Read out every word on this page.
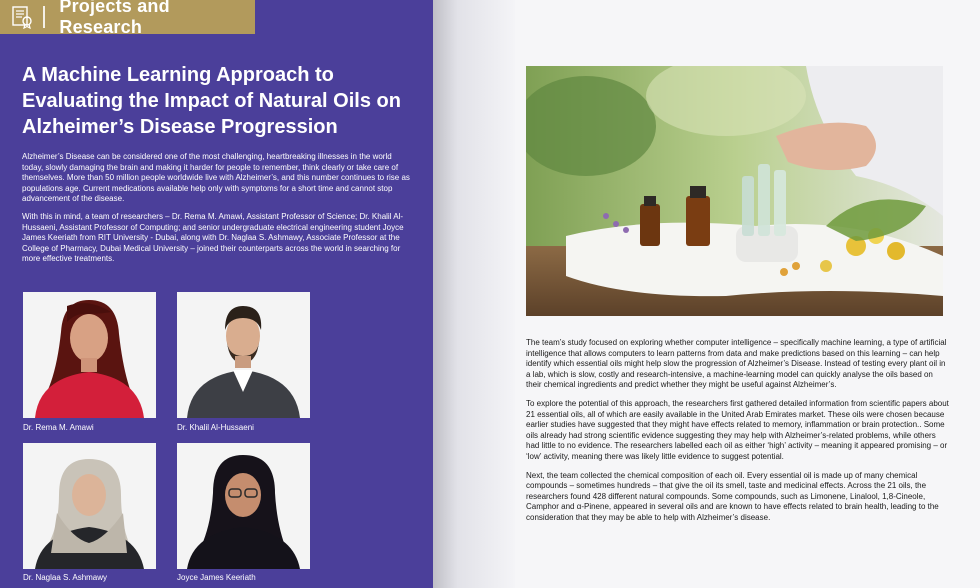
Projects and Research
A Machine Learning Approach to Evaluating the Impact of Natural Oils on Alzheimer’s Disease Progression

Alzheimer’s Disease can be considered one of the most challenging, heartbreaking illnesses in the world today, slowly damaging the brain and making it harder for people to remember, think clearly or take care of themselves. More than 50 million people worldwide live with Alzheimer’s, and this number continues to rise as populations age. Current medications available help only with symptoms for a short time and cannot stop advancement of the disease.

With this in mind, a team of researchers – Dr. Rema M. Amawi, Assistant Professor of Science; Dr. Khalil Al-Hussaeni, Assistant Professor of Computing; and senior undergraduate electrical engineering student Joyce James Keeriath from RIT University - Dubai, along with Dr. Naglaa S. Ashmawy, Associate Professor at the College of Pharmacy, Dubai Medical University – joined their counterparts across the world in searching for more effective treatments.

Dr. Rema M. Amawi	Dr. Khalil Al-Hussaeni
Dr. Naglaa S. Ashmawy	Joyce James Keeriath

The team’s study focused on exploring whether computer intelligence – specifically machine learning, a type of artificial intelligence that allows computers to learn patterns from data and make predictions based on this learning – can help identify which essential oils might help slow the progression of Alzheimer’s Disease. Instead of testing every plant oil in a lab, which is slow, costly and research-intensive, a machine-learning model can quickly analyse the oils based on their chemical ingredients and predict whether they might be useful against Alzheimer’s.

To explore the potential of this approach, the researchers first gathered detailed information from scientific papers about 21 essential oils, all of which are easily available in the United Arab Emirates market. These oils were chosen because earlier studies have suggested that they might have effects related to memory, inflammation or brain protection.. Some oils already had strong scientific evidence suggesting they may help with Alzheimer’s-related problems, while others had little to no evidence. The researchers labelled each oil as either ‘high’ activity – meaning it appeared promising – or ‘low’ activity, meaning there was likely little evidence to suggest potential.

Next, the team collected the chemical composition of each oil. Every essential oil is made up of many chemical compounds – sometimes hundreds – that give the oil its smell, taste and medicinal effects. Across the 21 oils, the researchers found 428 different natural compounds. Some compounds, such as Limonene, Linalool, 1,8-Cineole, Camphor and α-Pinene, appeared in several oils and are known to have effects related to brain health, leading to the consideration that they may be able to help with Alzheimer’s disease.
